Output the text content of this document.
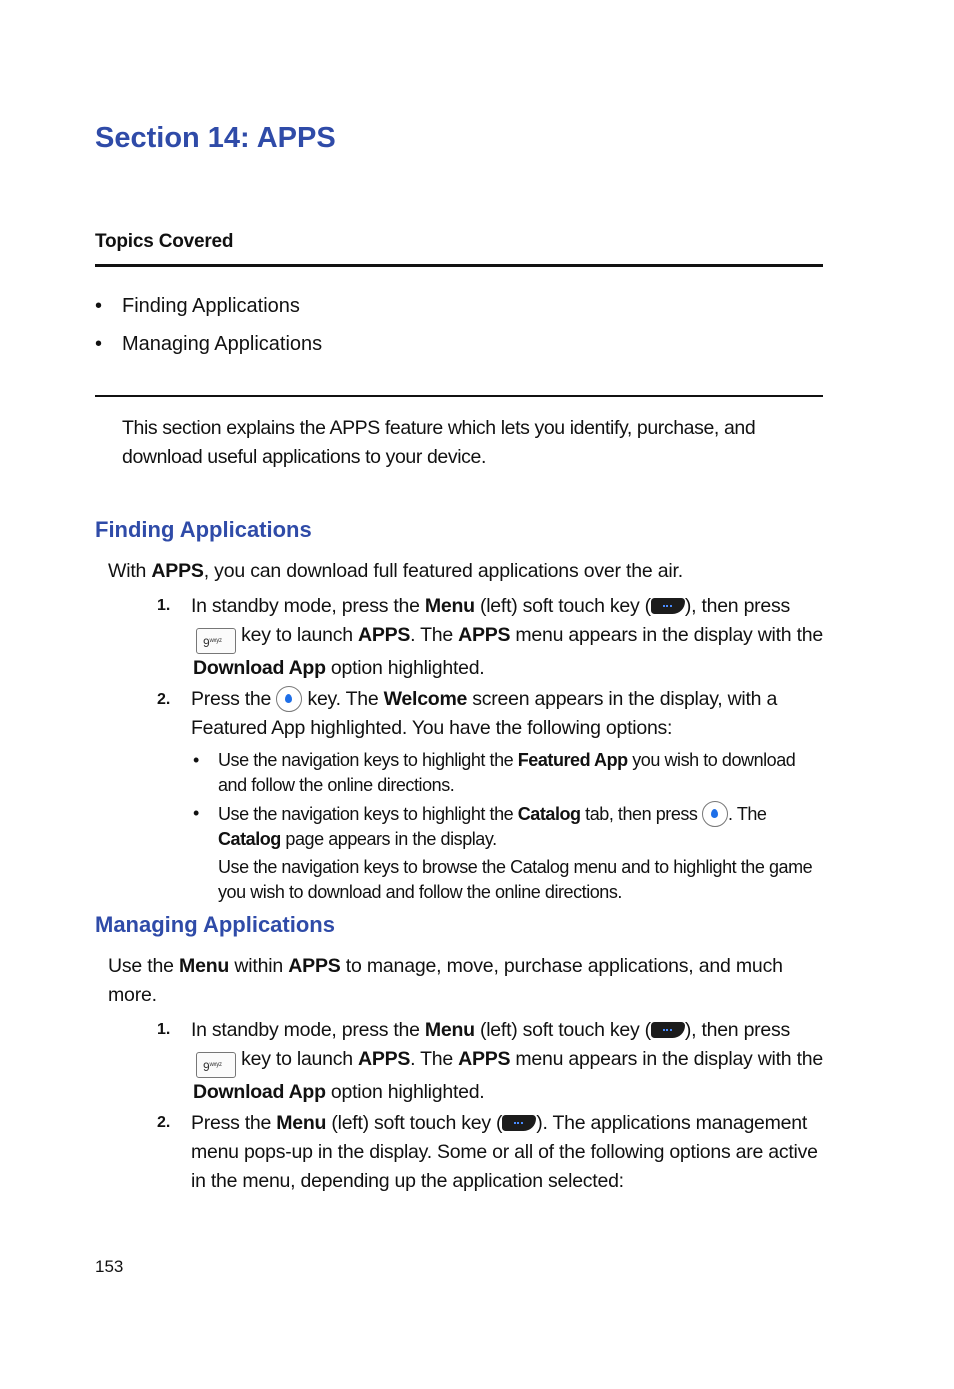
Section 14: APPS
Topics Covered
• Finding Applications
• Managing Applications
This section explains the APPS feature which lets you identify, purchase, and download useful applications to your device.
Finding Applications
With APPS, you can download full featured applications over the air.
1. In standby mode, press the Menu (left) soft touch key ( ), then press
$9^{wxyz}$ key to launch APPS. The APPS menu appears in the display with the
Download App option highlighted.
2. Press the  key. The Welcome screen appears in the display, with a
Featured App highlighted. You have the following options:
• Use the navigation keys to highlight the Featured App you wish to download
and follow the online directions.
• Use the navigation keys to highlight the Catalog tab, then press . The
Catalog page appears in the display.
Use the navigation keys to browse the Catalog menu and to highlight the game
you wish to download and follow the online directions.
Managing Applications
Use the Menu within APPS to manage, move, purchase applications, and much
more.
1. In standby mode, press the Menu (left) soft touch key ( ), then press
$9^{wxyz}$ key to launch APPS. The APPS menu appears in the display with the
Download App option highlighted.
2. Press the Menu (left) soft touch key ( ). The applications management
menu pops-up in the display. Some or all of the following options are active
in the menu, depending up the application selected:
153
